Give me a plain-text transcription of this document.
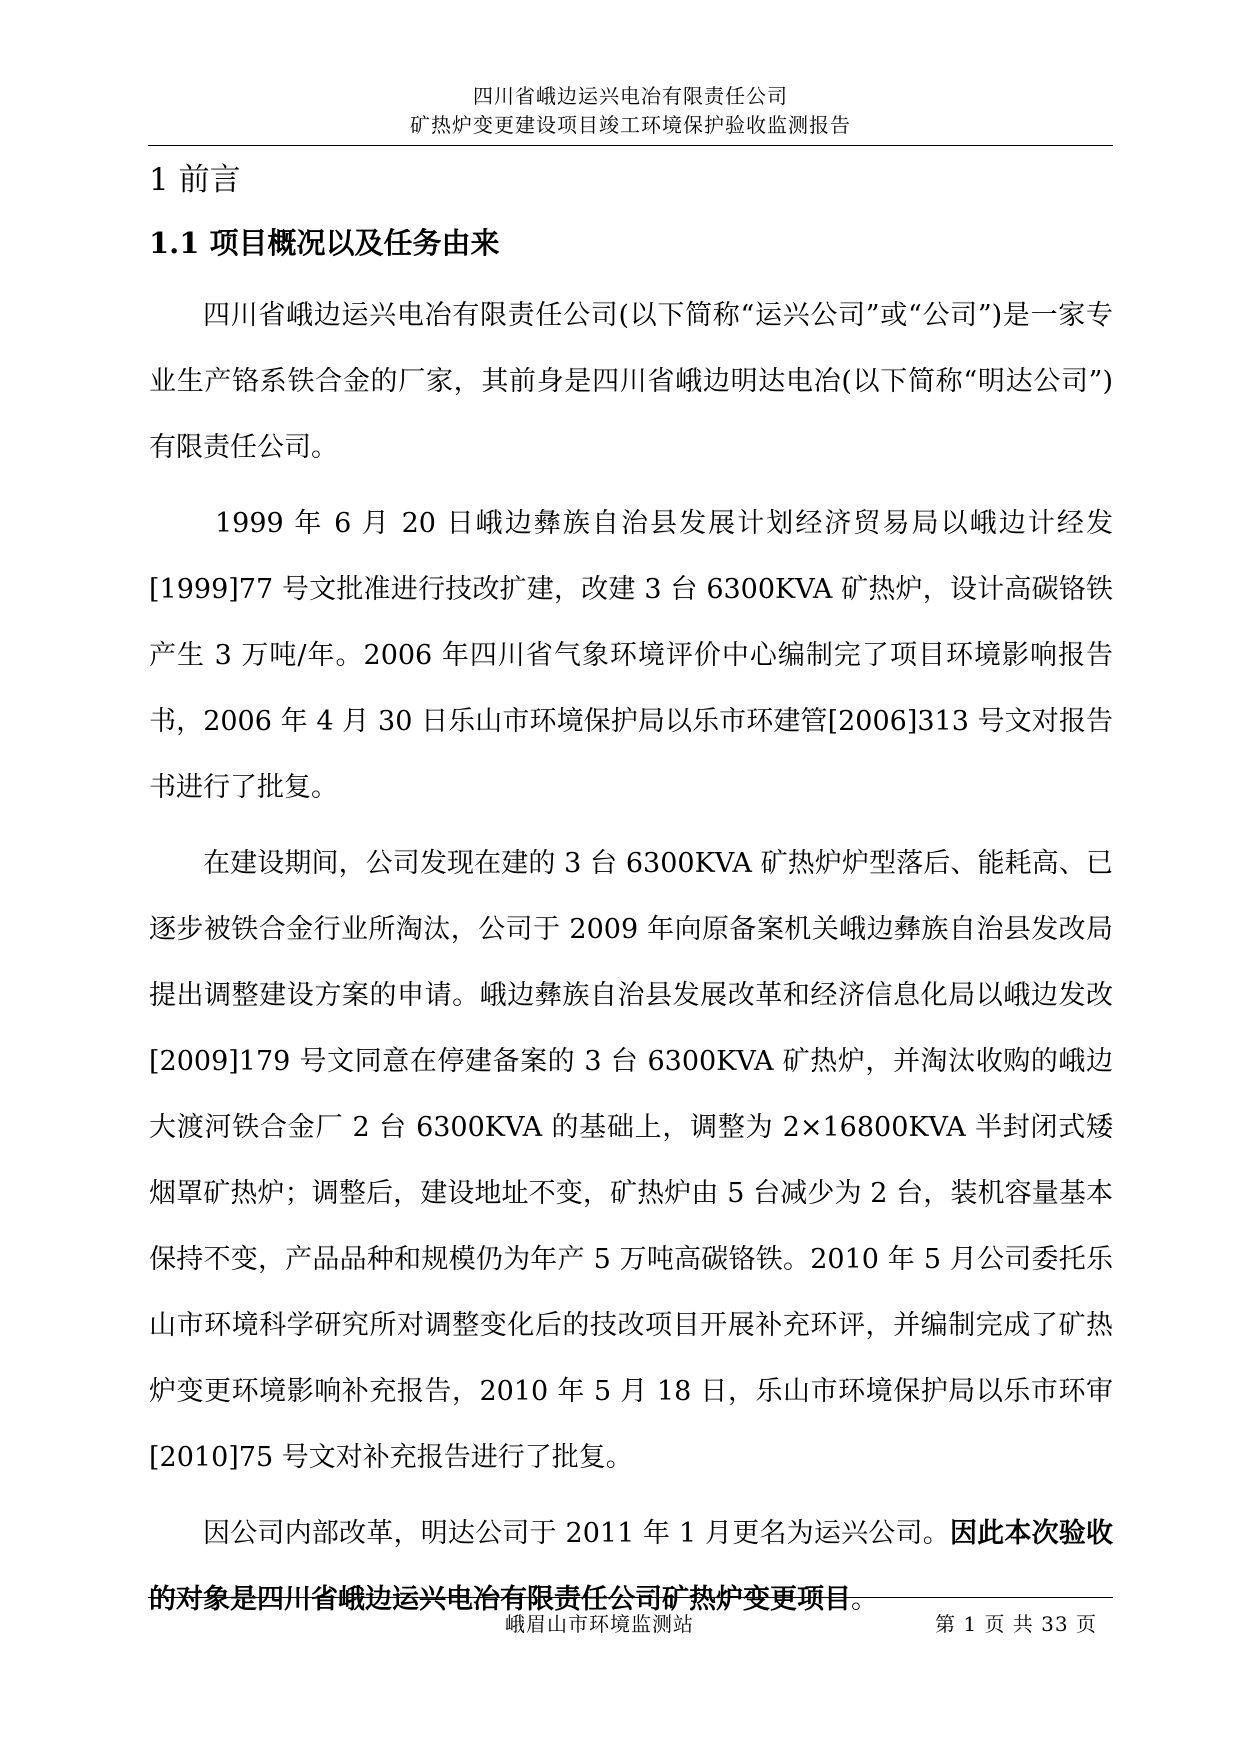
四川省峨边运兴电冶有限责任公司
矿热炉变更建设项目竣工环境保护验收监测报告
1 前言
1.1 项目概况以及任务由来

四川省峨边运兴电冶有限责任公司(以下简称“运兴公司”或“公司”)是一家专业生产铬系铁合金的厂家，其前身是四川省峨边明达电冶(以下简称“明达公司”)有限责任公司。

1999 年 6 月 20 日峨边彝族自治县发展计划经济贸易局以峨边计经发[1999]77 号文批准进行技改扩建，改建 3 台 6300KVA 矿热炉，设计高碳铬铁产生 3 万吨/年。2006 年四川省气象环境评价中心编制完了项目环境影响报告书，2006 年 4 月 30 日乐山市环境保护局以乐市环建管[2006]313 号文对报告书进行了批复。

在建设期间，公司发现在建的 3 台 6300KVA 矿热炉炉型落后、能耗高、已逐步被铁合金行业所淘汰，公司于 2009 年向原备案机关峨边彝族自治县发改局提出调整建设方案的申请。峨边彝族自治县发展改革和经济信息化局以峨边发改[2009]179 号文同意在停建备案的 3 台 6300KVA 矿热炉，并淘汰收购的峨边大渡河铁合金厂 2 台 6300KVA 的基础上，调整为 2×16800KVA 半封闭式矮烟罩矿热炉；调整后，建设地址不变，矿热炉由 5 台减少为 2 台，装机容量基本保持不变，产品品种和规模仍为年产 5 万吨高碳铬铁。2010 年 5 月公司委托乐山市环境科学研究所对调整变化后的技改项目开展补充环评，并编制完成了矿热炉变更环境影响补充报告，2010 年 5 月 18 日，乐山市环境保护局以乐市环审[2010]75 号文对补充报告进行了批复。

因公司内部改革，明达公司于 2011 年 1 月更名为运兴公司。因此本次验收的对象是四川省峨边运兴电冶有限责任公司矿热炉变更项目。

峨眉山市环境监测站	第 1 页 共 33 页
